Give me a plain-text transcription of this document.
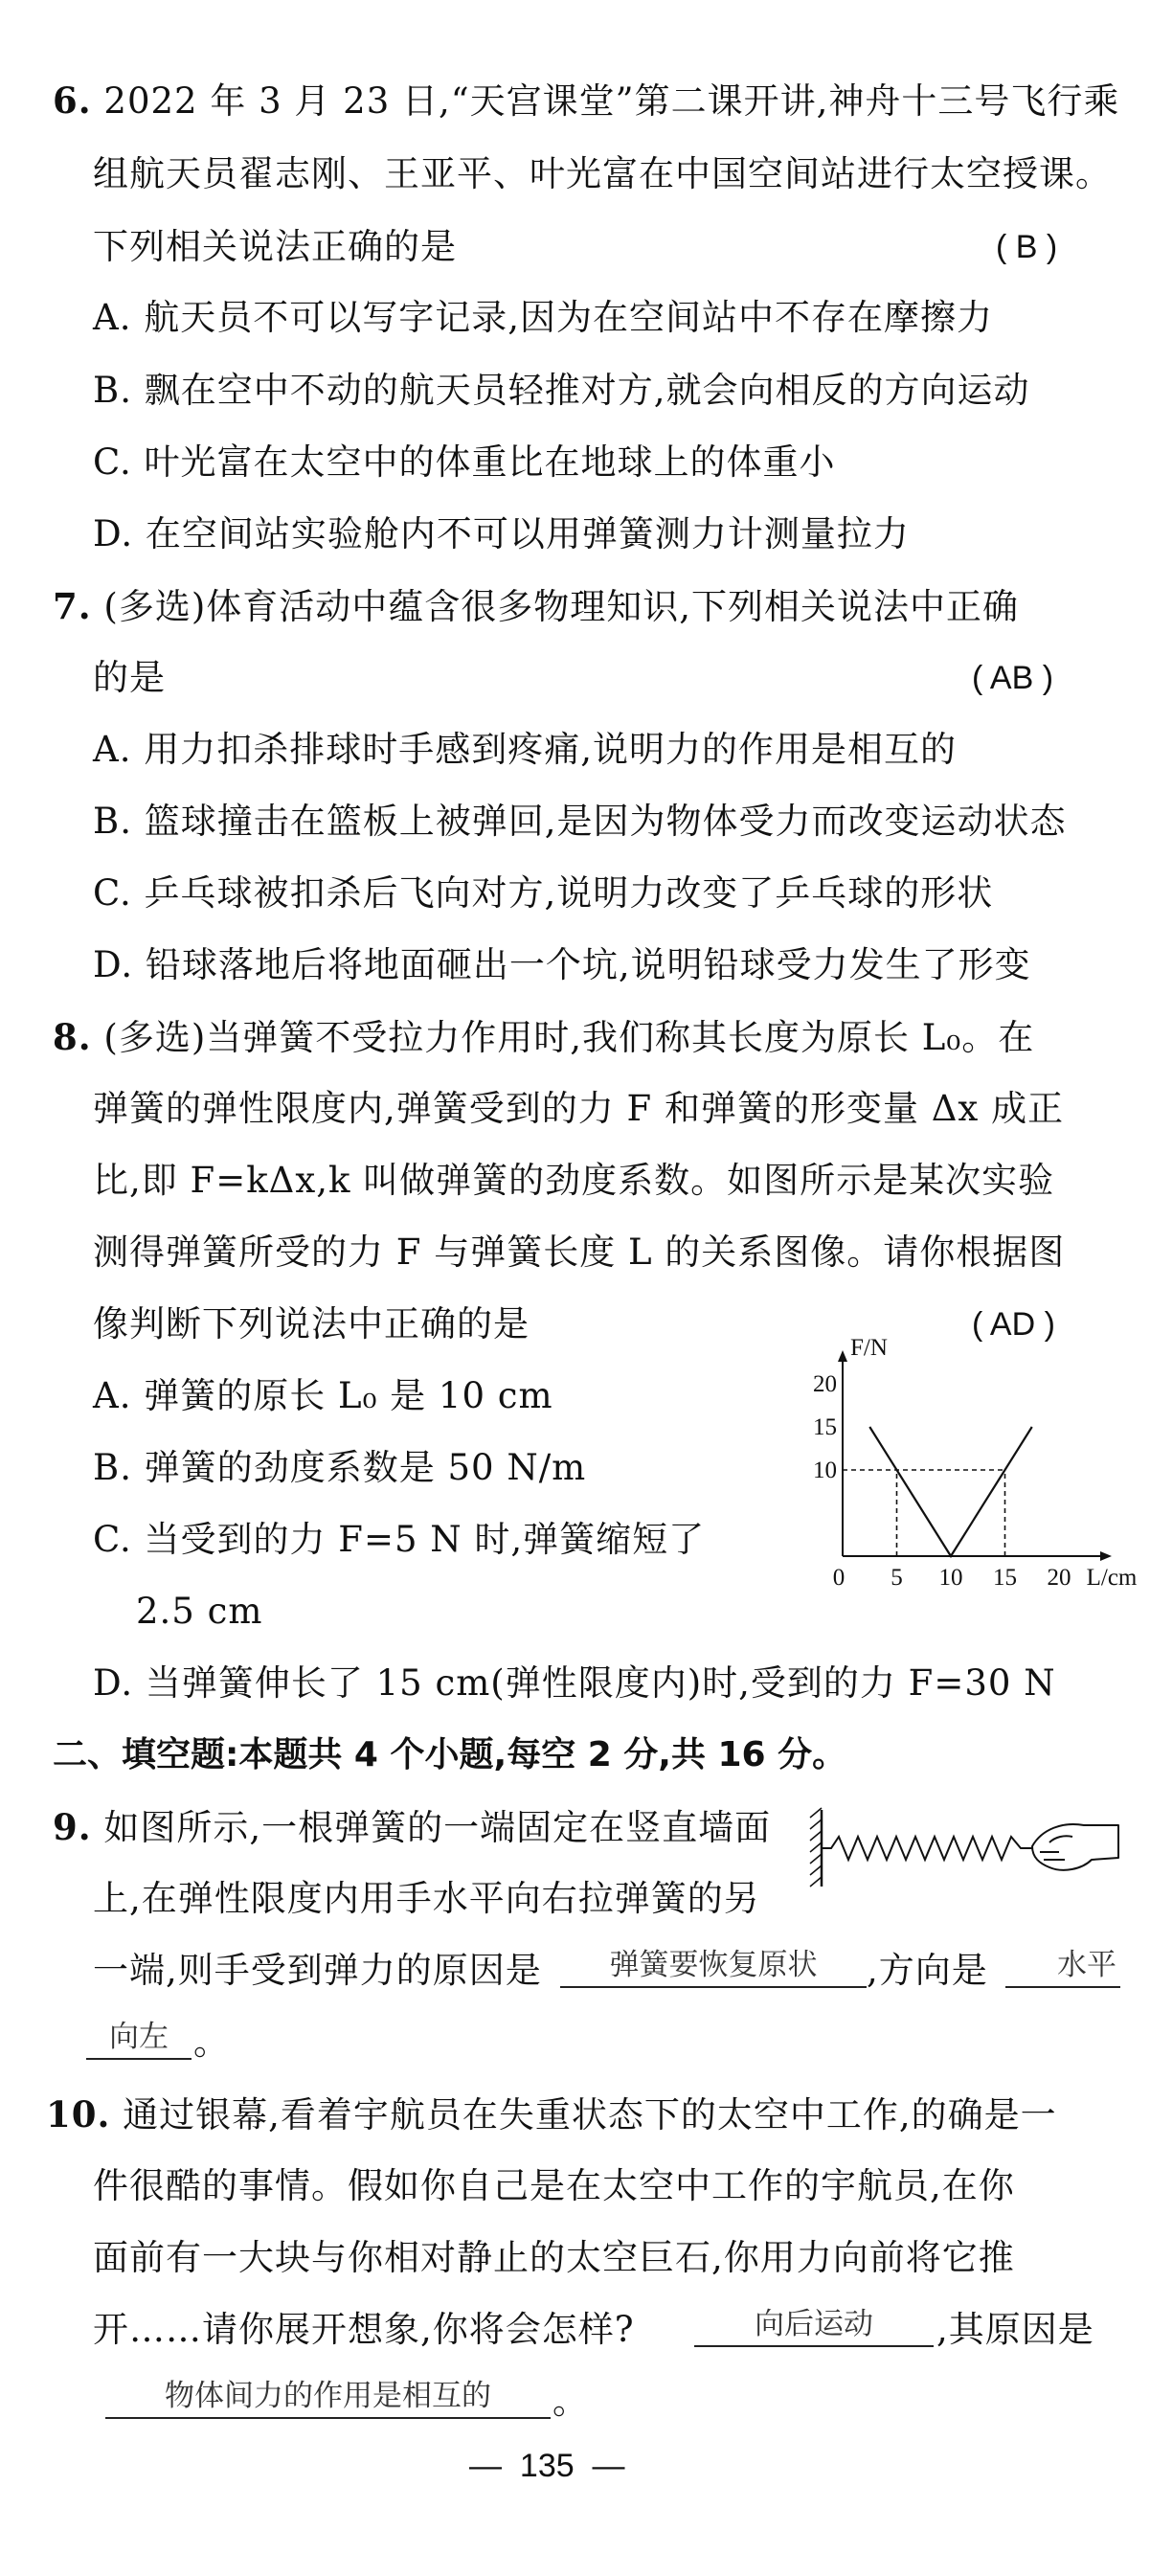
6. 2022 年 3 月 23 日,“天宫课堂”第二课开讲,神舟十三号飞行乘
组航天员翟志刚、王亚平、叶光富在中国空间站进行太空授课。
下列相关说法正确的是	( B )
A. 航天员不可以写字记录,因为在空间站中不存在摩擦力
B. 飘在空中不动的航天员轻推对方,就会向相反的方向运动
C. 叶光富在太空中的体重比在地球上的体重小
D. 在空间站实验舱内不可以用弹簧测力计测量拉力
7. (多选)体育活动中蕴含很多物理知识,下列相关说法中正确
的是	( AB )
A. 用力扣杀排球时手感到疼痛,说明力的作用是相互的
B. 篮球撞击在篮板上被弹回,是因为物体受力而改变运动状态
C. 乒乓球被扣杀后飞向对方,说明力改变了乒乓球的形状
D. 铅球落地后将地面砸出一个坑,说明铅球受力发生了形变
8. (多选)当弹簧不受拉力作用时,我们称其长度为原长 L₀。在
弹簧的弹性限度内,弹簧受到的力 F 和弹簧的形变量 Δx 成正
比,即 F=kΔx,k 叫做弹簧的劲度系数。如图所示是某次实验
测得弹簧所受的力 F 与弹簧长度 L 的关系图像。请你根据图
像判断下列说法中正确的是	( AD )
A. 弹簧的原长 L₀ 是 10 cm
B. 弹簧的劲度系数是 50 N/m
C. 当受到的力 F=5 N 时,弹簧缩短了
2.5 cm
D. 当弹簧伸长了 15 cm(弹性限度内)时,受到的力 F=30 N
0 5 10 15 20
10
15
20
L/cm
F/N
二、填空题:本题共 4 个小题,每空 2 分,共 16 分。
9. 如图所示,一根弹簧的一端固定在竖直墙面
上,在弹性限度内用手水平向右拉弹簧的另
一端,则手受到弹力的原因是	弹簧要恢复原状	,方向是	水平
向左 。
10. 通过银幕,看着宇航员在失重状态下的太空中工作,的确是一
件很酷的事情。假如你自己是在太空中工作的宇航员,在你
面前有一大块与你相对静止的太空巨石,你用力向前将它推
开……请你展开想象,你将会怎样?	向后运动	,其原因是
物体间力的作用是相互的	。
— 135 —
